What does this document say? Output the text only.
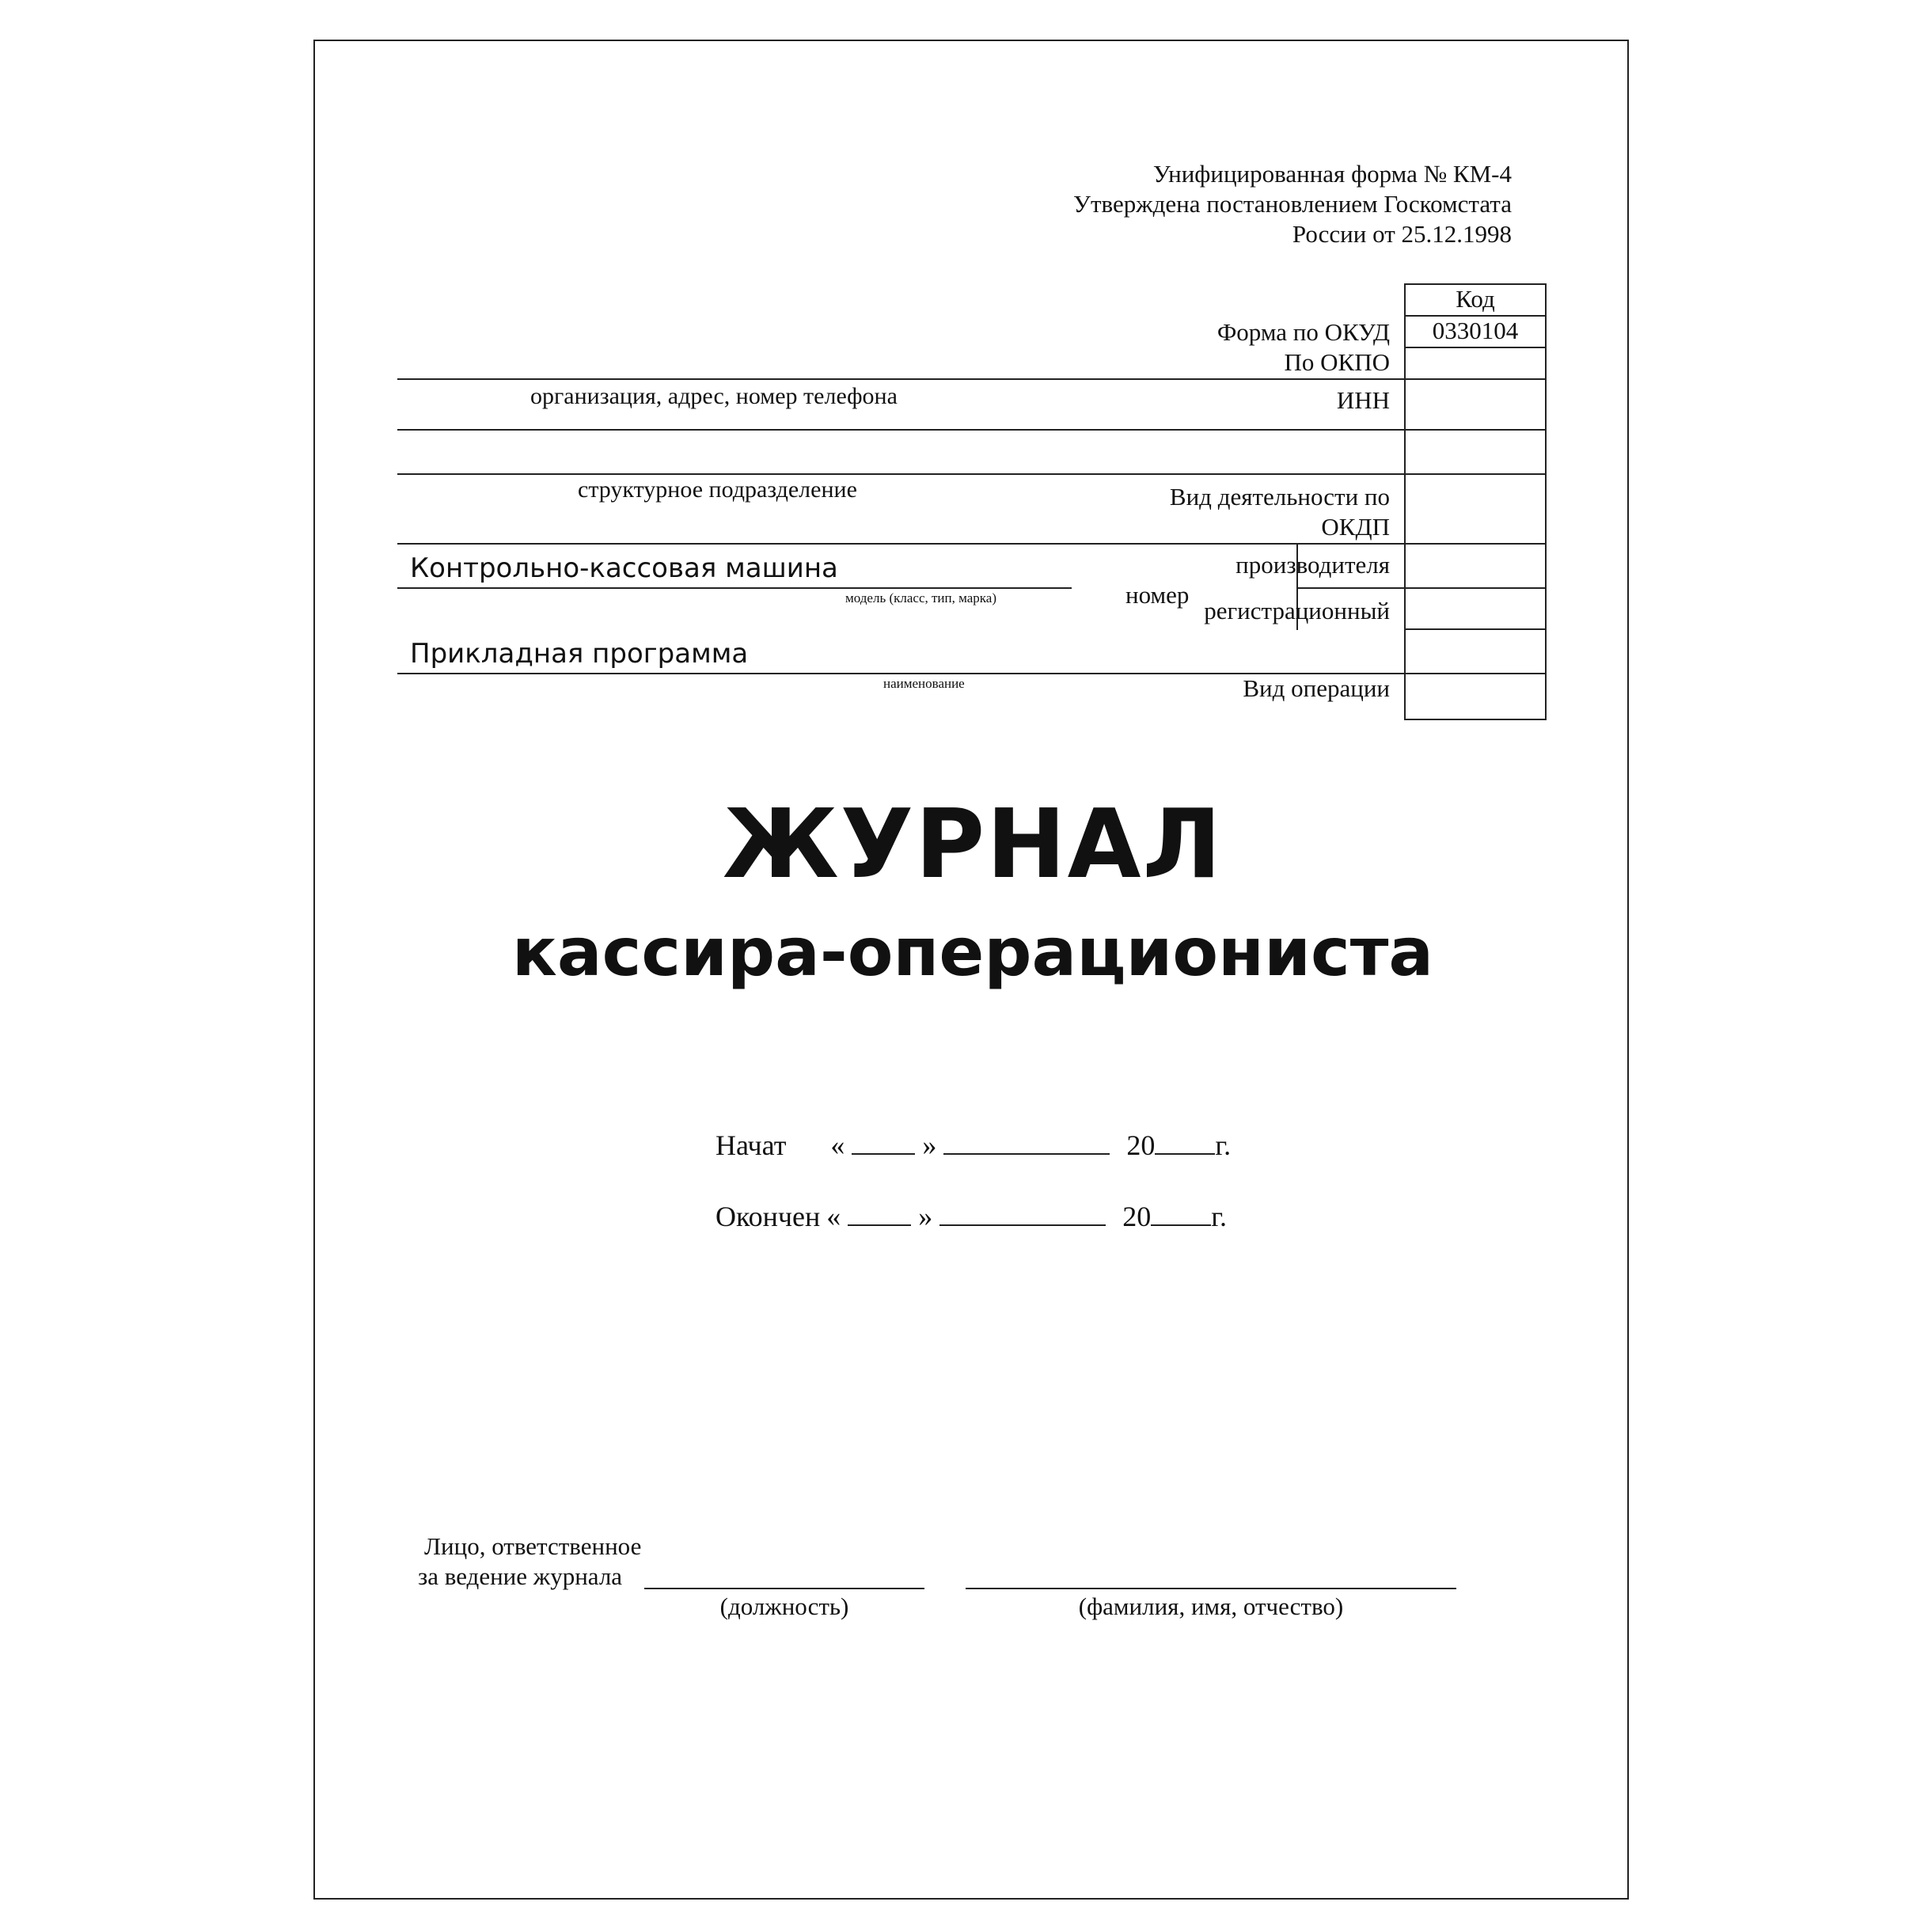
Унифицированная форма № КМ-4
Утверждена постановлением Госкомстата
России от 25.12.1998
Код
Форма по ОКУД	0330104
По ОКПО
ИНН
Вид деятельности по
ОКДП
производителя
номер
регистрационный
Вид операции
организация, адрес, номер телефона
структурное подразделение
Контрольно-кассовая машина
модель (класс, тип, марка)
Прикладная программа
наименование
ЖУРНАЛ
кассира-операциониста
Начат «	»	20 г.
Окончен «	»	20 г.
Лицо, ответственное
за ведение журнала
(должность)	(фамилия, имя, отчество)
